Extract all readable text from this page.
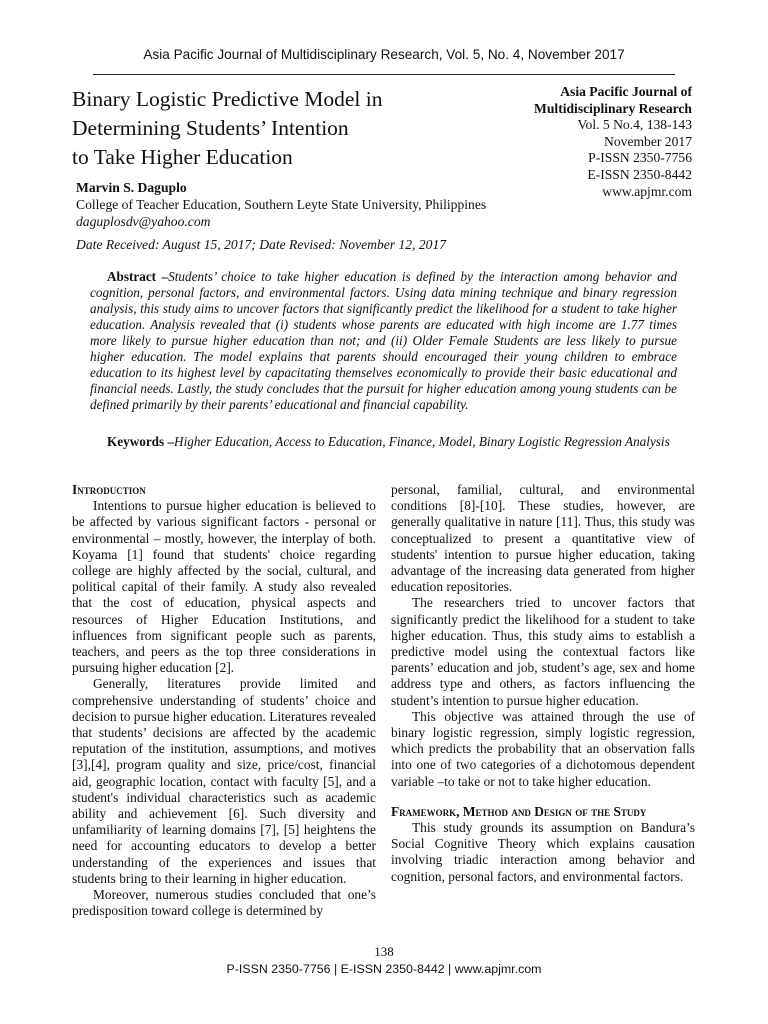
Asia Pacific Journal of Multidisciplinary Research, Vol. 5, No. 4, November 2017
Binary Logistic Predictive Model in
Determining Students’ Intention
to Take Higher Education
Asia Pacific Journal of
Multidisciplinary Research
Vol. 5 No.4, 138-143
November 2017
P-ISSN 2350-7756
E-ISSN 2350-8442
www.apjmr.com
Marvin S. Daguplo
College of Teacher Education, Southern Leyte State University, Philippines
daguplosdv@yahoo.com
Date Received: August 15, 2017; Date Revised: November 12, 2017

Abstract –Students’ choice to take higher education is defined by the interaction among behavior and cognition, personal factors, and environmental factors. Using data mining technique and binary regression analysis, this study aims to uncover factors that significantly predict the likelihood for a student to take higher education. Analysis revealed that (i) students whose parents are educated with high income are 1.77 times more likely to pursue higher education than not; and (ii) Older Female Students are less likely to pursue higher education. The model explains that parents should encouraged their young children to embrace education to its highest level by capacitating themselves economically to provide their basic educational and financial needs. Lastly, the study concludes that the pursuit for higher education among young students can be defined primarily by their parents’ educational and financial capability.

Keywords –Higher Education, Access to Education, Finance, Model, Binary Logistic Regression Analysis

Introduction

Intentions to pursue higher education is believed to be affected by various significant factors - personal or environmental – mostly, however, the interplay of both. Koyama [1] found that students' choice regarding college are highly affected by the social, cultural, and political capital of their family. A study also revealed that the cost of education, physical aspects and resources of Higher Education Institutions, and influences from significant people such as parents, teachers, and peers as the top three considerations in pursuing higher education [2].

Generally, literatures provide limited and comprehensive understanding of students’ choice and decision to pursue higher education. Literatures revealed that students’ decisions are affected by the academic reputation of the institution, assumptions, and motives [3],[4], program quality and size, price/cost, financial aid, geographic location, contact with faculty [5], and a student's individual characteristics such as academic ability and achievement [6]. Such diversity and unfamiliarity of learning domains [7], [5] heightens the need for accounting educators to develop a better understanding of the experiences and issues that students bring to their learning in higher education.

Moreover, numerous studies concluded that one’s predisposition toward college is determined by

personal, familial, cultural, and environmental conditions [8]-[10]. These studies, however, are generally qualitative in nature [11]. Thus, this study was conceptualized to present a quantitative view of students' intention to pursue higher education, taking advantage of the increasing data generated from higher education repositories.

The researchers tried to uncover factors that significantly predict the likelihood for a student to take higher education. Thus, this study aims to establish a predictive model using the contextual factors like parents’ education and job, student’s age, sex and home address type and others, as factors influencing the student’s intention to pursue higher education.

This objective was attained through the use of binary logistic regression, simply logistic regression, which predicts the probability that an observation falls into one of two categories of a dichotomous dependent variable –to take or not to take higher education.

Framework, Method and Design of the Study

This study grounds its assumption on Bandura’s Social Cognitive Theory which explains causation involving triadic interaction among behavior and cognition, personal factors, and environmental factors.

138
P-ISSN 2350-7756 | E-ISSN 2350-8442 | www.apjmr.com
